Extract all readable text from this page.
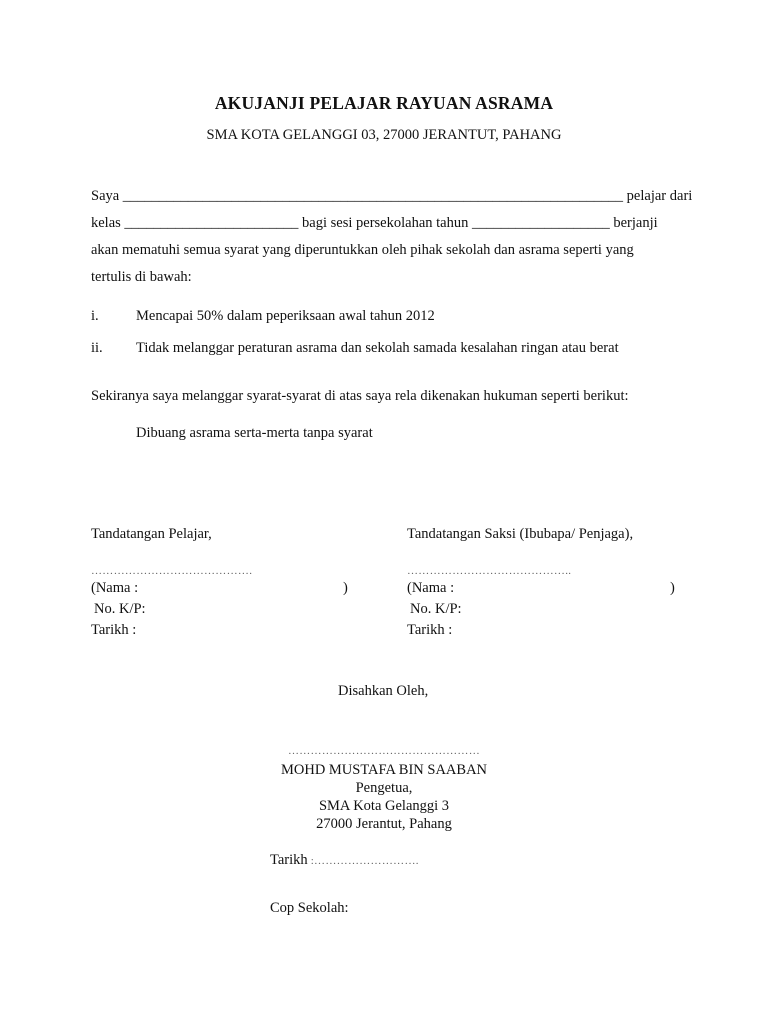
AKUJANJI PELAJAR RAYUAN ASRAMA
SMA KOTA GELANGGI 03, 27000 JERANTUT, PAHANG
Saya _____________________________________________________________________ pelajar dari
kelas ________________________ bagi sesi persekolahan tahun ___________________ berjanji
akan mematuhi semua syarat yang diperuntukkan oleh pihak sekolah dan asrama seperti yang
tertulis di bawah:
i.	Mencapai 50% dalam peperiksaan awal tahun 2012
ii. Tidak melanggar peraturan asrama dan sekolah samada kesalahan ringan atau berat
Sekiranya saya melanggar syarat-syarat di atas saya rela dikenakan hukuman seperti berikut:
Dibuang asrama serta-merta tanpa syarat
Tandatangan Pelajar,
…………………………………….
(Nama :	)
No. K/P:
Tarikh :
Tandatangan Saksi (Ibubapa/ Penjaga),
……………………………………..
(Nama :	)
No. K/P:
Tarikh :
Disahkan Oleh,
……………………………………………
MOHD MUSTAFA BIN SAABAN
Pengetua,
SMA Kota Gelanggi 3
27000 Jerantut, Pahang
Tarikh :……………………….
Cop Sekolah:
